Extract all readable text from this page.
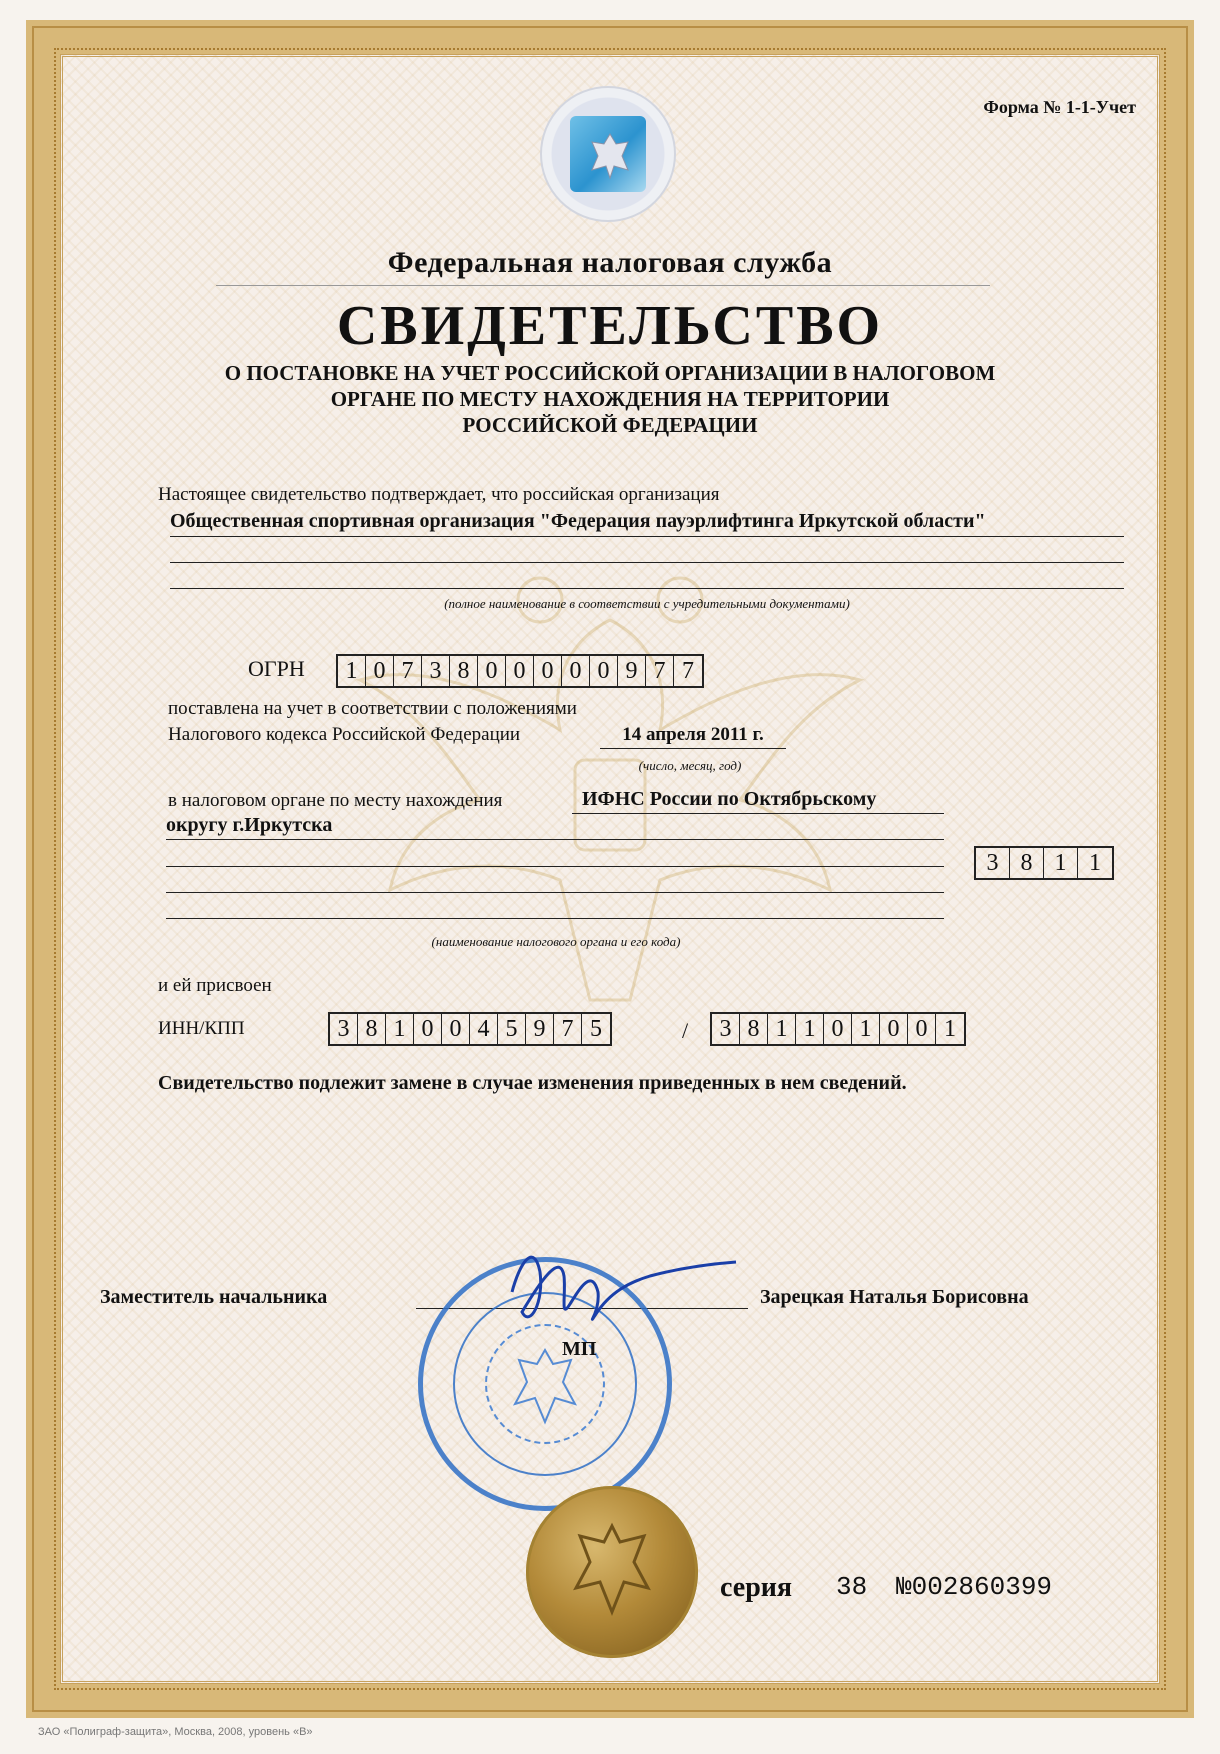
Форма № 1-1-Учет
Федеральная налоговая служба
СВИДЕТЕЛЬСТВО
О ПОСТАНОВКЕ НА УЧЕТ РОССИЙСКОЙ ОРГАНИЗАЦИИ В НАЛОГОВОМ
ОРГАНЕ ПО МЕСТУ НАХОЖДЕНИЯ НА ТЕРРИТОРИИ
РОССИЙСКОЙ ФЕДЕРАЦИИ
Настоящее свидетельство подтверждает, что российская организация
Общественная спортивная организация "Федерация пауэрлифтинга Иркутской области"
(полное наименование в соответствии с учредительными документами)
ОГРН	1 0 7 3 8 0 0 0 0 0 9 7 7
поставлена на учет в соответствии с положениями
Налогового кодекса Российской Федерации	14 апреля 2011 г.
(число, месяц, год)
в налоговом органе по месту нахождения	ИФНС России по Октябрьскому
округу г.Иркутска
3 8 1 1
(наименование налогового органа и его кода)
и ей присвоен
ИНН/КПП	3 8 1 0 0 4 5 9 7 5	/	3 8 1 1 0 1 0 0 1
Свидетельство подлежит замене в случае изменения приведенных в нем сведений.
Заместитель начальника	Зарецкая Наталья Борисовна
МП
серия 38 №002860399
ЗАО «Полиграф-защита», Москва, 2008, уровень «В»
